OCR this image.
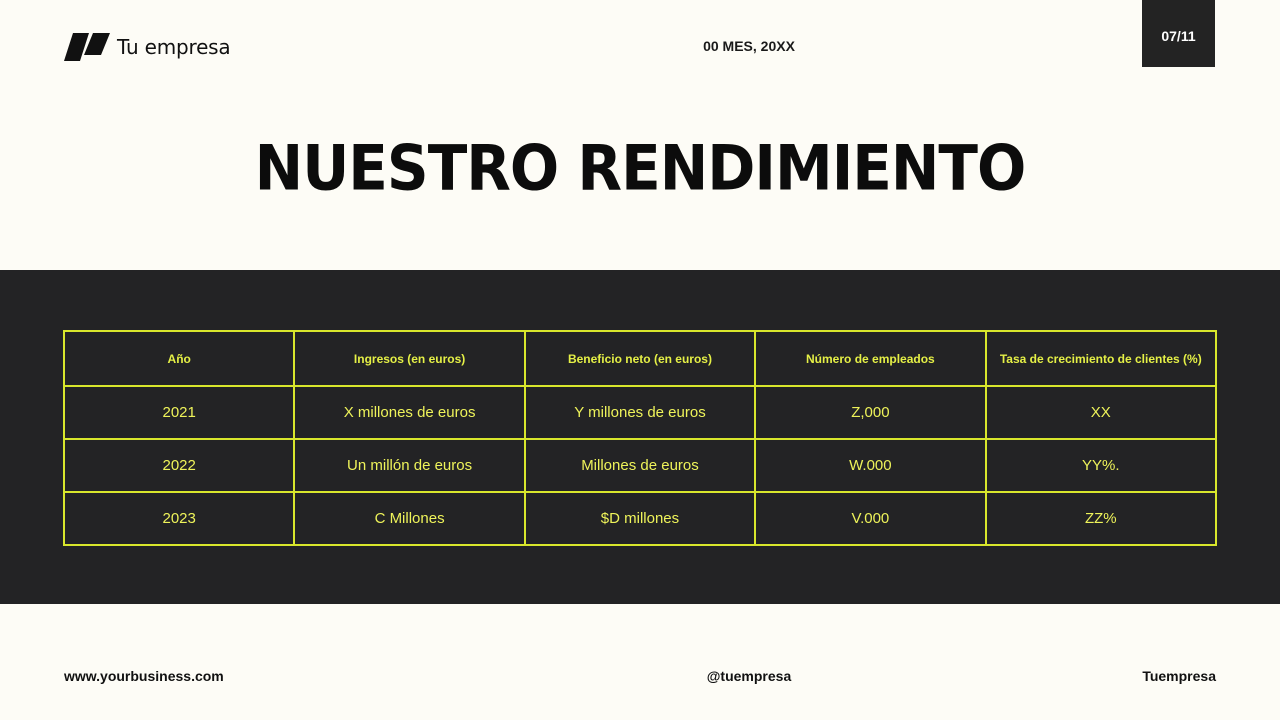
Tu empresa	00 MES, 20XX
07/11
NUESTRO RENDIMIENTO
Año	Ingresos (en euros)	Beneficio neto (en euros)	Número de empleados	Tasa de crecimiento de clientes (%)
2021	X millones de euros	Y millones de euros	Z,000	XX
2022	Un millón de euros	Millones de euros	W.000	YY%.
2023	C Millones	$D millones	V.000	ZZ%
www.yourbusiness.com	@tuempresa	Tuempresa
